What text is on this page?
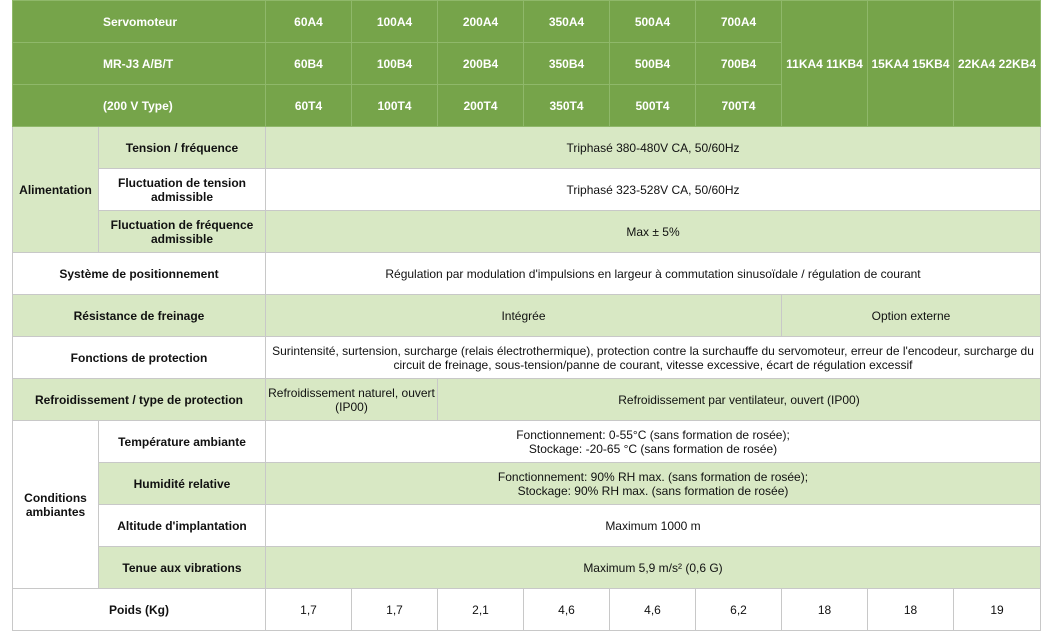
Servomoteur		60A4	100A4	200A4	350A4	500A4	700A4	11KA4 11KB4	15KA4 15KB4	22KA4 22KB4
MR-J3 A/B/T		60B4	100B4	200B4	350B4	500B4	700B4			
(200 V Type)		60T4	100T4	200T4	350T4	500T4	700T4			
Alimentation	Tension / fréquence	Triphasé 380-480V CA, 50/60Hz								
	Fluctuation de tension admissible	Triphasé 323-528V CA, 50/60Hz								
	Fluctuation de fréquence admissible	Max ± 5%								
Système de positionnement		Régulation par modulation d'impulsions en largeur à commutation sinusoïdale / régulation de courant								
Résistance de freinage		Intégrée						Option externe		
Fonctions de protection		Surintensité, surtension, surcharge (relais électrothermique), protection contre la surchauffe du servomoteur, erreur de l'encodeur, surcharge du circuit de freinage, sous-tension/panne de courant, vitesse excessive, écart de régulation excessif								
Refroidissement / type de protection		Refroidissement naturel, ouvert (IP00)		Refroidissement par ventilateur, ouvert (IP00)						
Conditions ambiantes	Température ambiante	Fonctionnement: 0-55°C (sans formation de rosée);
Stockage: -20-65 °C (sans formation de rosée)								
	Humidité relative	Fonctionnement: 90% RH max. (sans formation de rosée);
Stockage: 90% RH max. (sans formation de rosée)								
	Altitude d'implantation	Maximum 1000 m								
	Tenue aux vibrations	Maximum 5,9 m/s² (0,6 G)								
Poids (Kg)		1,7	1,7	2,1	4,6	4,6	6,2	18	18	19
